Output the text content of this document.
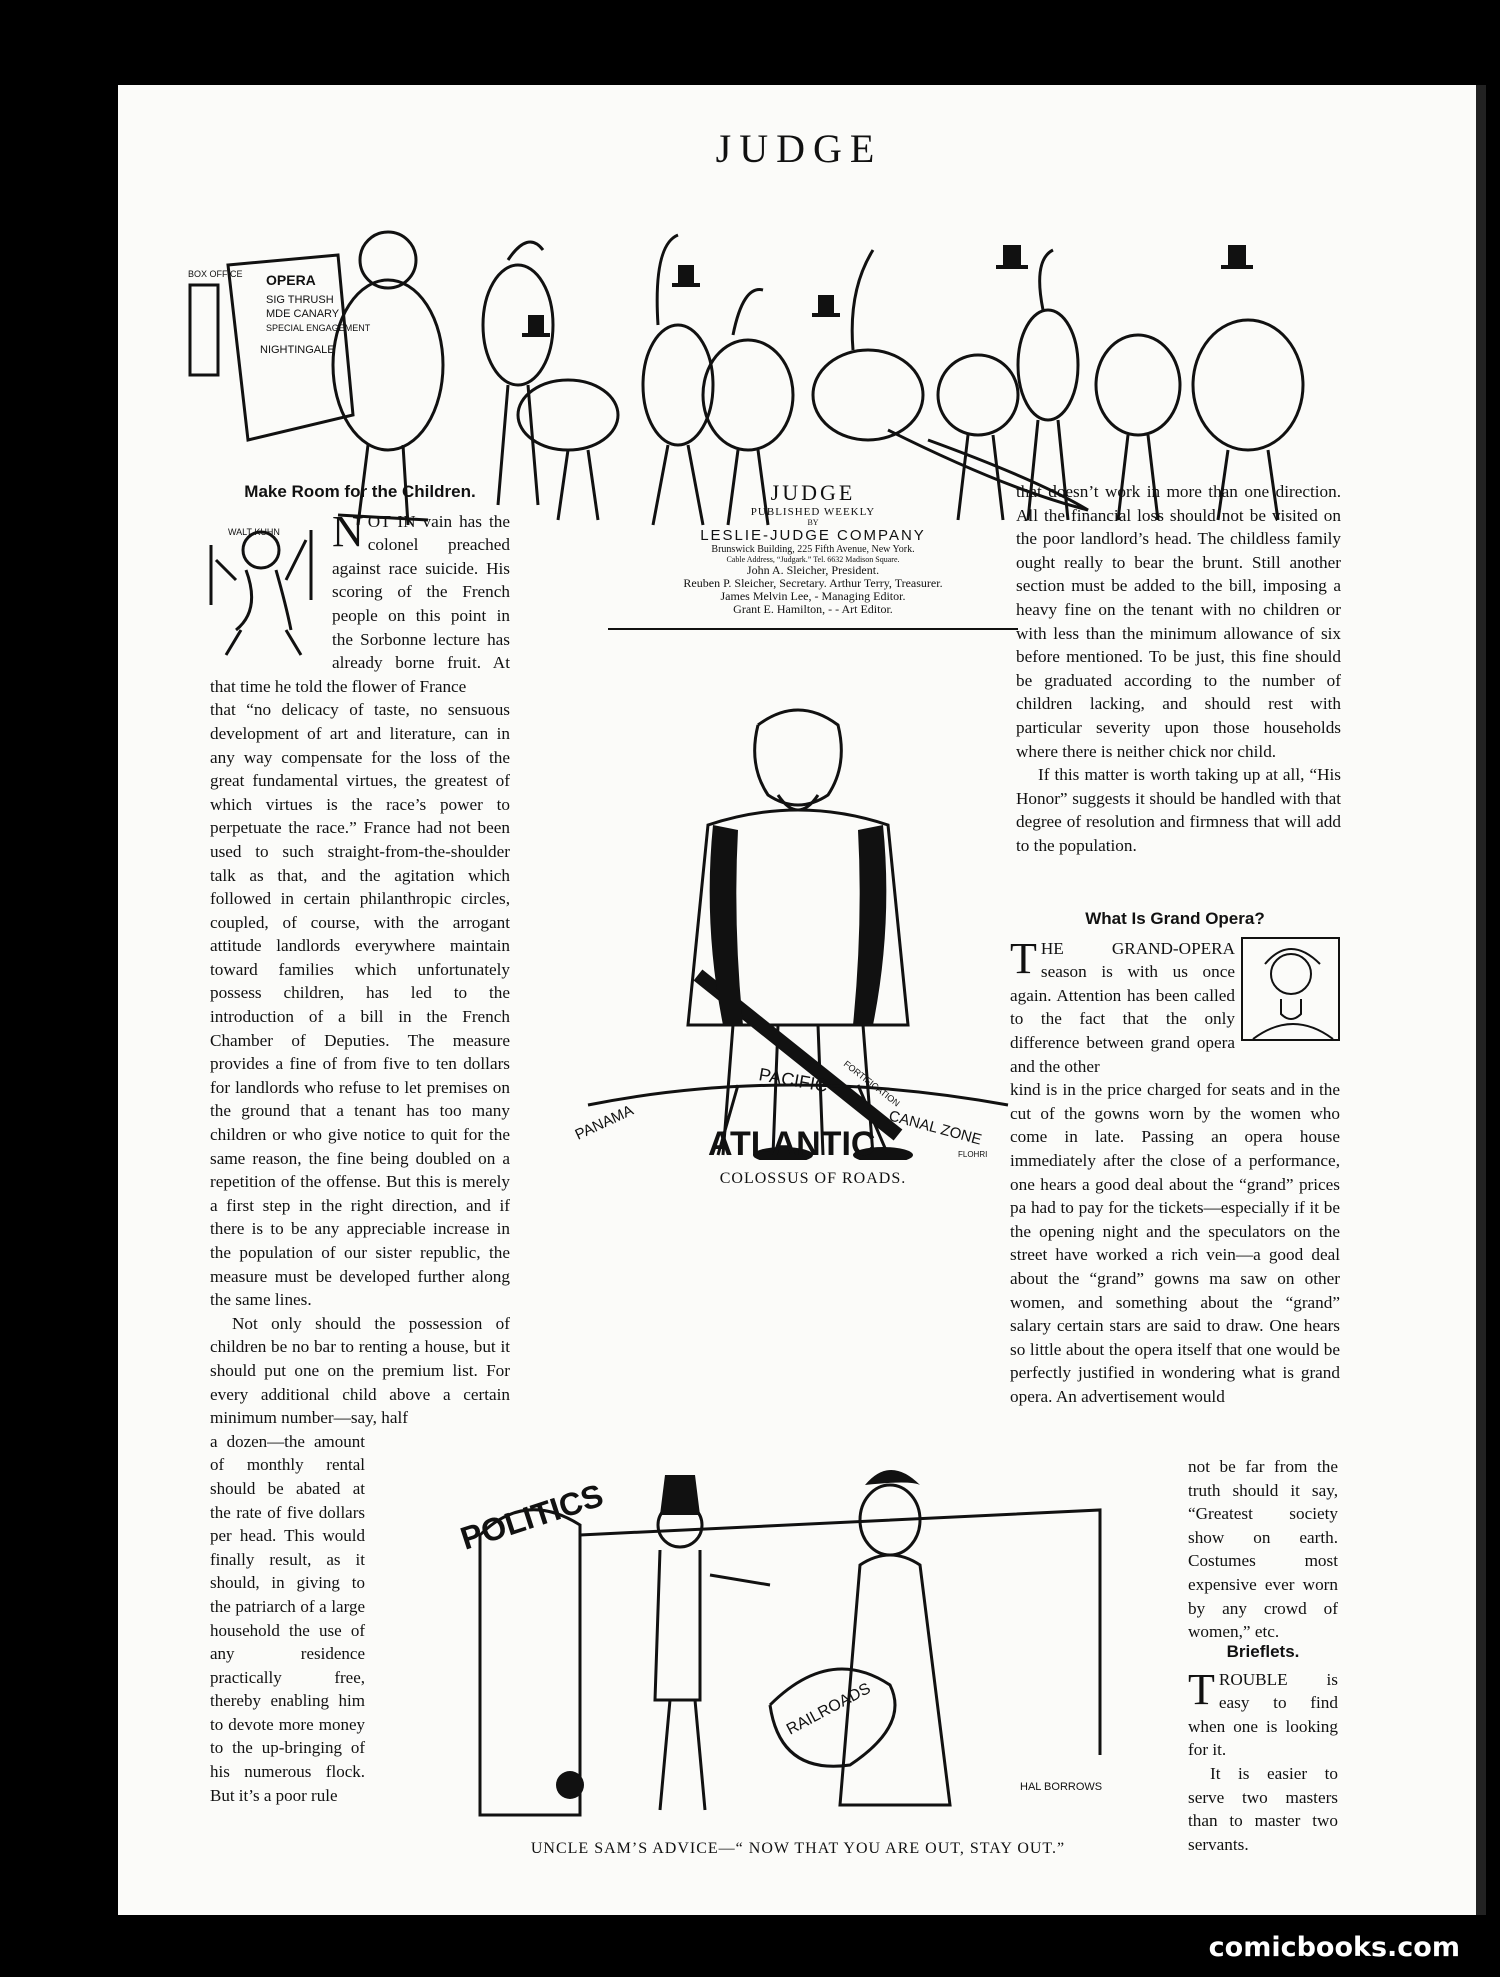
JUDGE
OPERA
SIG THRUSH
MDE CANARY
SPECIAL ENGAGEMENT
NIGHTINGALE
BOX OFFICE
WALT KUHN
Make Room for the Children.

NOT IN vain has the colonel preached against race suicide. His scoring of the French people on this point in the Sorbonne lecture has already borne fruit. At that time he told the flower of France

that “no delicacy of taste, no sensuous development of art and literature, can in any way compensate for the loss of the great fundamental virtues, the greatest of which virtues is the race’s power to perpetuate the race.” France had not been used to such straight-from-the-shoulder talk as that, and the agitation which followed in certain philanthropic circles, coupled, of course, with the arrogant attitude landlords everywhere maintain toward families which unfortunately possess children, has led to the introduction of a bill in the French Chamber of Deputies. The measure provides a fine of from five to ten dollars for landlords who refuse to let premises on the ground that a tenant has too many children or who give notice to quit for the same reason, the fine being doubled on a repetition of the offense. But this is merely a first step in the right direction, and if there is to be any appreciable increase in the population of our sister republic, the measure must be developed further along the same lines.

Not only should the possession of children be no bar to renting a house, but it should put one on the premium list. For every additional child above a certain minimum number—say, half

a dozen—the amount of monthly rental should be abated at the rate of five dollars per head. This would finally result, as it should, in giving to the patriarch of a large household the use of any residence practically free, thereby enabling him to devote more money to the up-bringing of his numerous flock. But it’s a poor rule

JUDGE
PUBLISHED WEEKLY
BY
LESLIE-JUDGE COMPANY
Brunswick Building, 225 Fifth Avenue, New York.
Cable Address, “Judgark.” Tel. 6632 Madison Square.
John A. Sleicher, President.
Reuben P. Sleicher, Secretary. Arthur Terry, Treasurer.
James Melvin Lee, - Managing Editor.
Grant E. Hamilton, - - Art Editor.
FORTIFICATION
PACIFIC
PANAMA	CANAL ZONE
ATLANTIC	FLOHRI
COLOSSUS OF ROADS.

that doesn’t work in more than one direction. All the financial loss should not be visited on the poor landlord’s head. The childless family ought really to bear the brunt. Still another section must be added to the bill, imposing a heavy fine on the tenant with no children or with less than the minimum allowance of six before mentioned. To be just, this fine should be graduated according to the number of children lacking, and should rest with particular severity upon those households where there is neither chick nor child.

If this matter is worth taking up at all, “His Honor” suggests it should be handled with that degree of resolution and firmness that will add to the population.

What Is Grand Opera?

THE GRAND-OPERA season is with us once again. Attention has been called to the fact that the only difference between grand opera and the other

kind is in the price charged for seats and in the cut of the gowns worn by the women who come in late. Passing an opera house immediately after the close of a performance, one hears a good deal about the “grand” prices pa had to pay for the tickets—especially if it be the opening night and the speculators on the street have worked a rich vein—a good deal about the “grand” gowns ma saw on other women, and something about the “grand” salary certain stars are said to draw. One hears so little about the opera itself that one would be perfectly justified in wondering what is grand opera. An advertisement would

not be far from the truth should it say, “Greatest society show on earth. Costumes most expensive ever worn by any crowd of women,” etc.

Brieflets.

TROUBLE is easy to find when one is looking for it.

It is easier to serve two masters than to master two servants.

POLITICS
RAILROADS
HAL BORROWS
UNCLE SAM’S ADVICE—“ NOW THAT YOU ARE OUT, STAY OUT.”
comicbooks.com
